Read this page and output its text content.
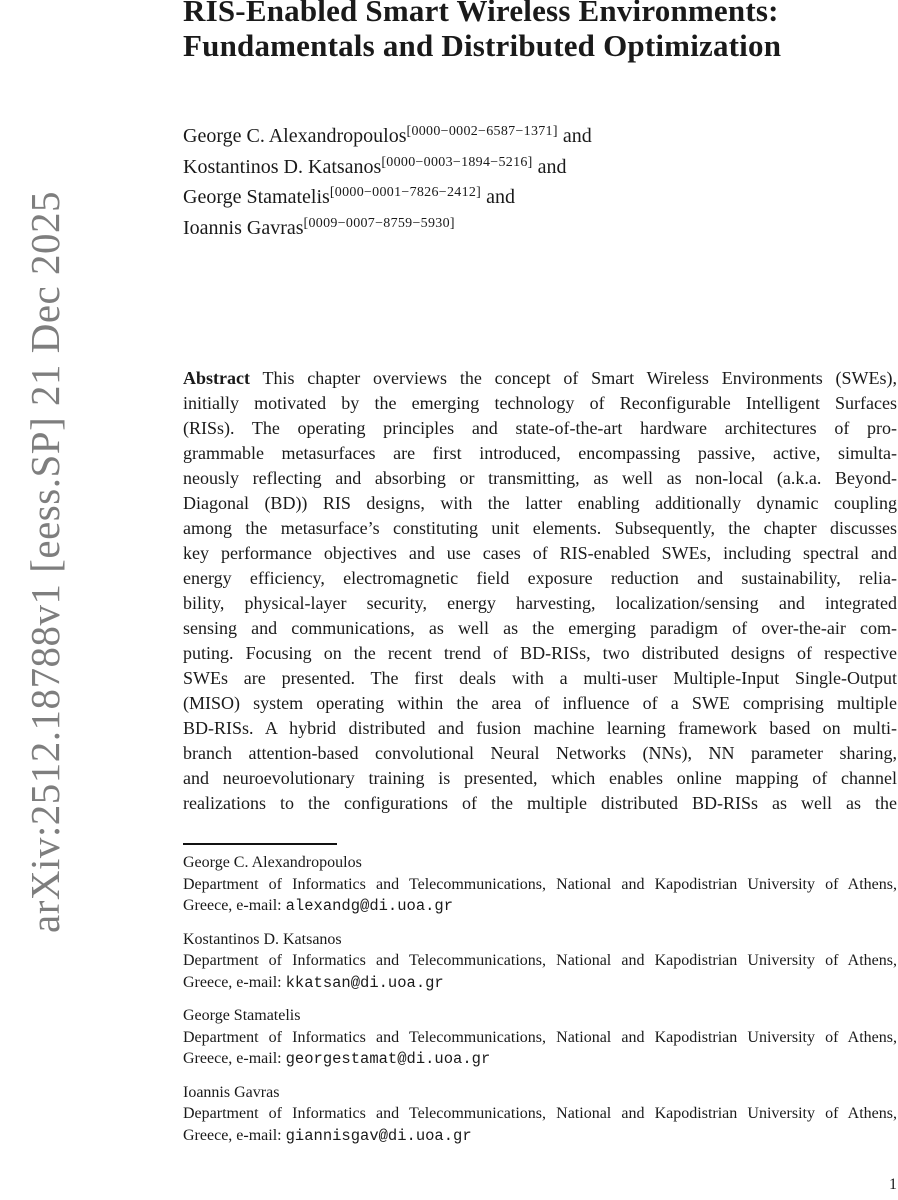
arXiv:2512.18788v1 [eess.SP] 21 Dec 2025
RIS-Enabled Smart Wireless Environments:
Fundamentals and Distributed Optimization
George C. Alexandropoulos[0000−0002−6587−1371] and
Kostantinos D. Katsanos[0000−0003−1894−5216] and
George Stamatelis[0000−0001−7826−2412] and
Ioannis Gavras[0009−0007−8759−5930]
Abstract This chapter overviews the concept of Smart Wireless Environments (SWEs),
initially motivated by the emerging technology of Reconfigurable Intelligent Surfaces
(RISs). The operating principles and state-of-the-art hardware architectures of pro-
grammable metasurfaces are first introduced, encompassing passive, active, simulta-
neously reflecting and absorbing or transmitting, as well as non-local (a.k.a. Beyond-
Diagonal (BD)) RIS designs, with the latter enabling additionally dynamic coupling
among the metasurface’s constituting unit elements. Subsequently, the chapter discusses
key performance objectives and use cases of RIS-enabled SWEs, including spectral and
energy efficiency, electromagnetic field exposure reduction and sustainability, relia-
bility, physical-layer security, energy harvesting, localization/sensing and integrated
sensing and communications, as well as the emerging paradigm of over-the-air com-
puting. Focusing on the recent trend of BD-RISs, two distributed designs of respective
SWEs are presented. The first deals with a multi-user Multiple-Input Single-Output
(MISO) system operating within the area of influence of a SWE comprising multiple
BD-RISs. A hybrid distributed and fusion machine learning framework based on multi-
branch attention-based convolutional Neural Networks (NNs), NN parameter sharing,
and neuroevolutionary training is presented, which enables online mapping of channel
realizations to the configurations of the multiple distributed BD-RISs as well as the
George C. Alexandropoulos
Department of Informatics and Telecommunications, National and Kapodistrian University of Athens,
Greece, e-mail: alexandg@di.uoa.gr
Kostantinos D. Katsanos
Department of Informatics and Telecommunications, National and Kapodistrian University of Athens,
Greece, e-mail: kkatsan@di.uoa.gr
George Stamatelis
Department of Informatics and Telecommunications, National and Kapodistrian University of Athens,
Greece, e-mail: georgestamat@di.uoa.gr
Ioannis Gavras
Department of Informatics and Telecommunications, National and Kapodistrian University of Athens,
Greece, e-mail: giannisgav@di.uoa.gr
1
